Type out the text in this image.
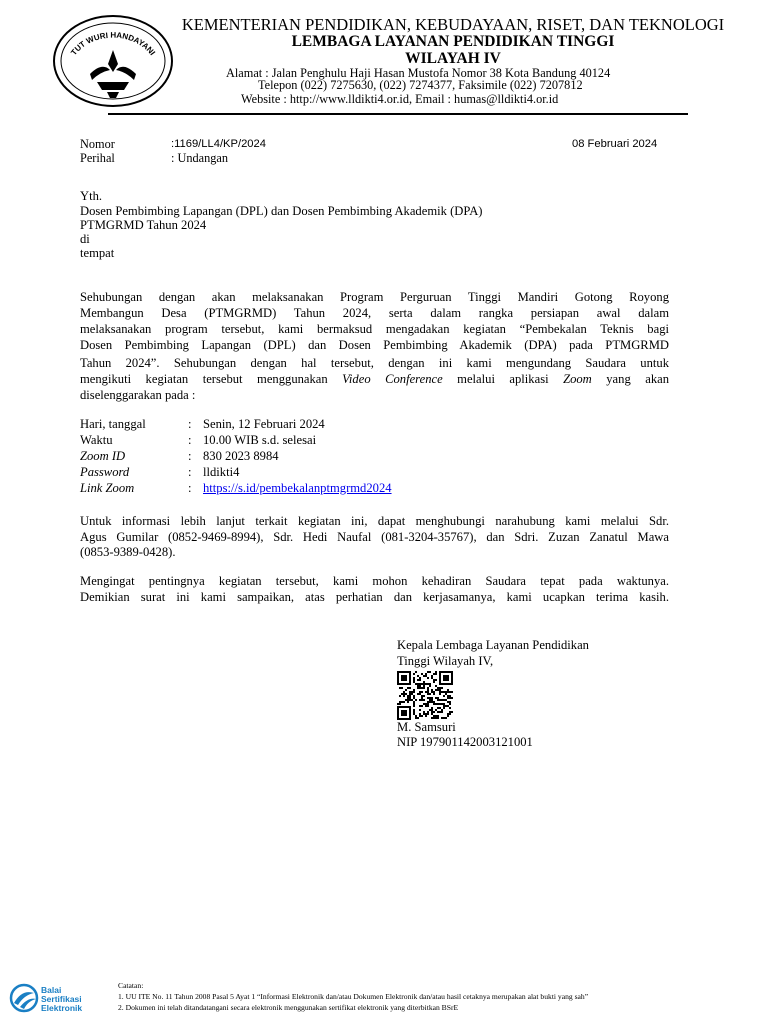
TUT WURI HANDAYANI
KEMENTERIAN PENDIDIKAN, KEBUDAYAAN, RISET, DAN TEKNOLOGI
LEMBAGA LAYANAN PENDIDIKAN TINGGI
WILAYAH IV
Alamat : Jalan Penghulu Haji Hasan Mustofa Nomor 38 Kota Bandung 40124
Telepon (022) 7275630, (022) 7274377, Faksimile (022) 7207812
Website : http://www.lldikti4.or.id, Email : humas@lldikti4.or.id
Nomor	:1169/LL4/KP/2024	08 Februari 2024
Perihal	: Undangan
Yth.
Dosen Pembimbing Lapangan (DPL) dan Dosen Pembimbing Akademik (DPA)
PTMGRMD Tahun 2024
di
tempat
Sehubungan dengan akan melaksanakan Program Perguruan Tinggi Mandiri Gotong Royong
Membangun Desa (PTMGRMD) Tahun 2024, serta dalam rangka persiapan awal dalam
melaksanakan program tersebut, kami bermaksud mengadakan kegiatan “Pembekalan Teknis bagi
Dosen Pembimbing Lapangan (DPL) dan Dosen Pembimbing Akademik (DPA) pada PTMGRMD
Tahun 2024”. Sehubungan dengan hal tersebut, dengan ini kami mengundang Saudara untuk
mengikuti kegiatan tersebut menggunakan Video Conference melalui aplikasi Zoom yang akan
diselenggarakan pada :
Hari, tanggal	: Senin, 12 Februari 2024
Waktu	: 10.00 WIB s.d. selesai
Zoom ID	: 830 2023 8984
Password	: lldikti4
Link Zoom	: https://s.id/pembekalanptmgrmd2024
Untuk informasi lebih lanjut terkait kegiatan ini, dapat menghubungi narahubung kami melalui Sdr.
Agus Gumilar (0852-9469-8994), Sdr. Hedi Naufal (081-3204-35767), dan Sdri. Zuzan Zanatul Mawa
(0853-9389-0428).
Mengingat pentingnya kegiatan tersebut, kami mohon kehadiran Saudara tepat pada waktunya.
Demikian surat ini kami sampaikan, atas perhatian dan kerjasamanya, kami ucapkan terima kasih.
Kepala Lembaga Layanan Pendidikan
Tinggi Wilayah IV,
M. Samsuri
NIP 197901142003121001
Balai
Sertifikasi
Elektronik
Catatan:
1. UU ITE No. 11 Tahun 2008 Pasal 5 Ayat 1 “Informasi Elektronik dan/atau Dokumen Elektronik dan/atau hasil cetaknya merupakan alat bukti yang sah”
2. Dokumen ini telah ditandatangani secara elektronik menggunakan sertifikat elektronik yang diterbitkan BSrE
